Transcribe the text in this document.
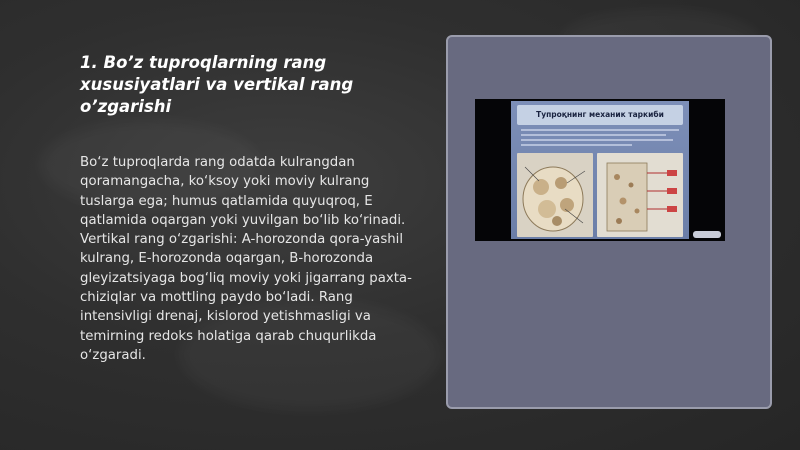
1. Bo’z tuproqlarning rang xususiyatlari va vertikal rang o’zgarishi

Bo‘z tuproqlarda rang odatda kulrangdan qoramangacha, ko‘ksoy yoki moviy kulrang tuslarga ega; humus qatlamida quyuqroq, E qatlamida oqargan yoki yuvilgan bo‘lib ko‘rinadi. Vertikal rang o‘zgarishi: A-horozonda qora-yashil kulrang, E-horozonda oqargan, B-horozonda gleyizatsiyaga bog‘liq moviy yoki jigarrang paxta-chiziqlar va mottling paydo bo‘ladi. Rang intensivligi drenaj, kislorod yetishmasligi va temirning redoks holatiga qarab chuqurlikda o‘zgaradi.

Тупроқнинг механик таркиби
